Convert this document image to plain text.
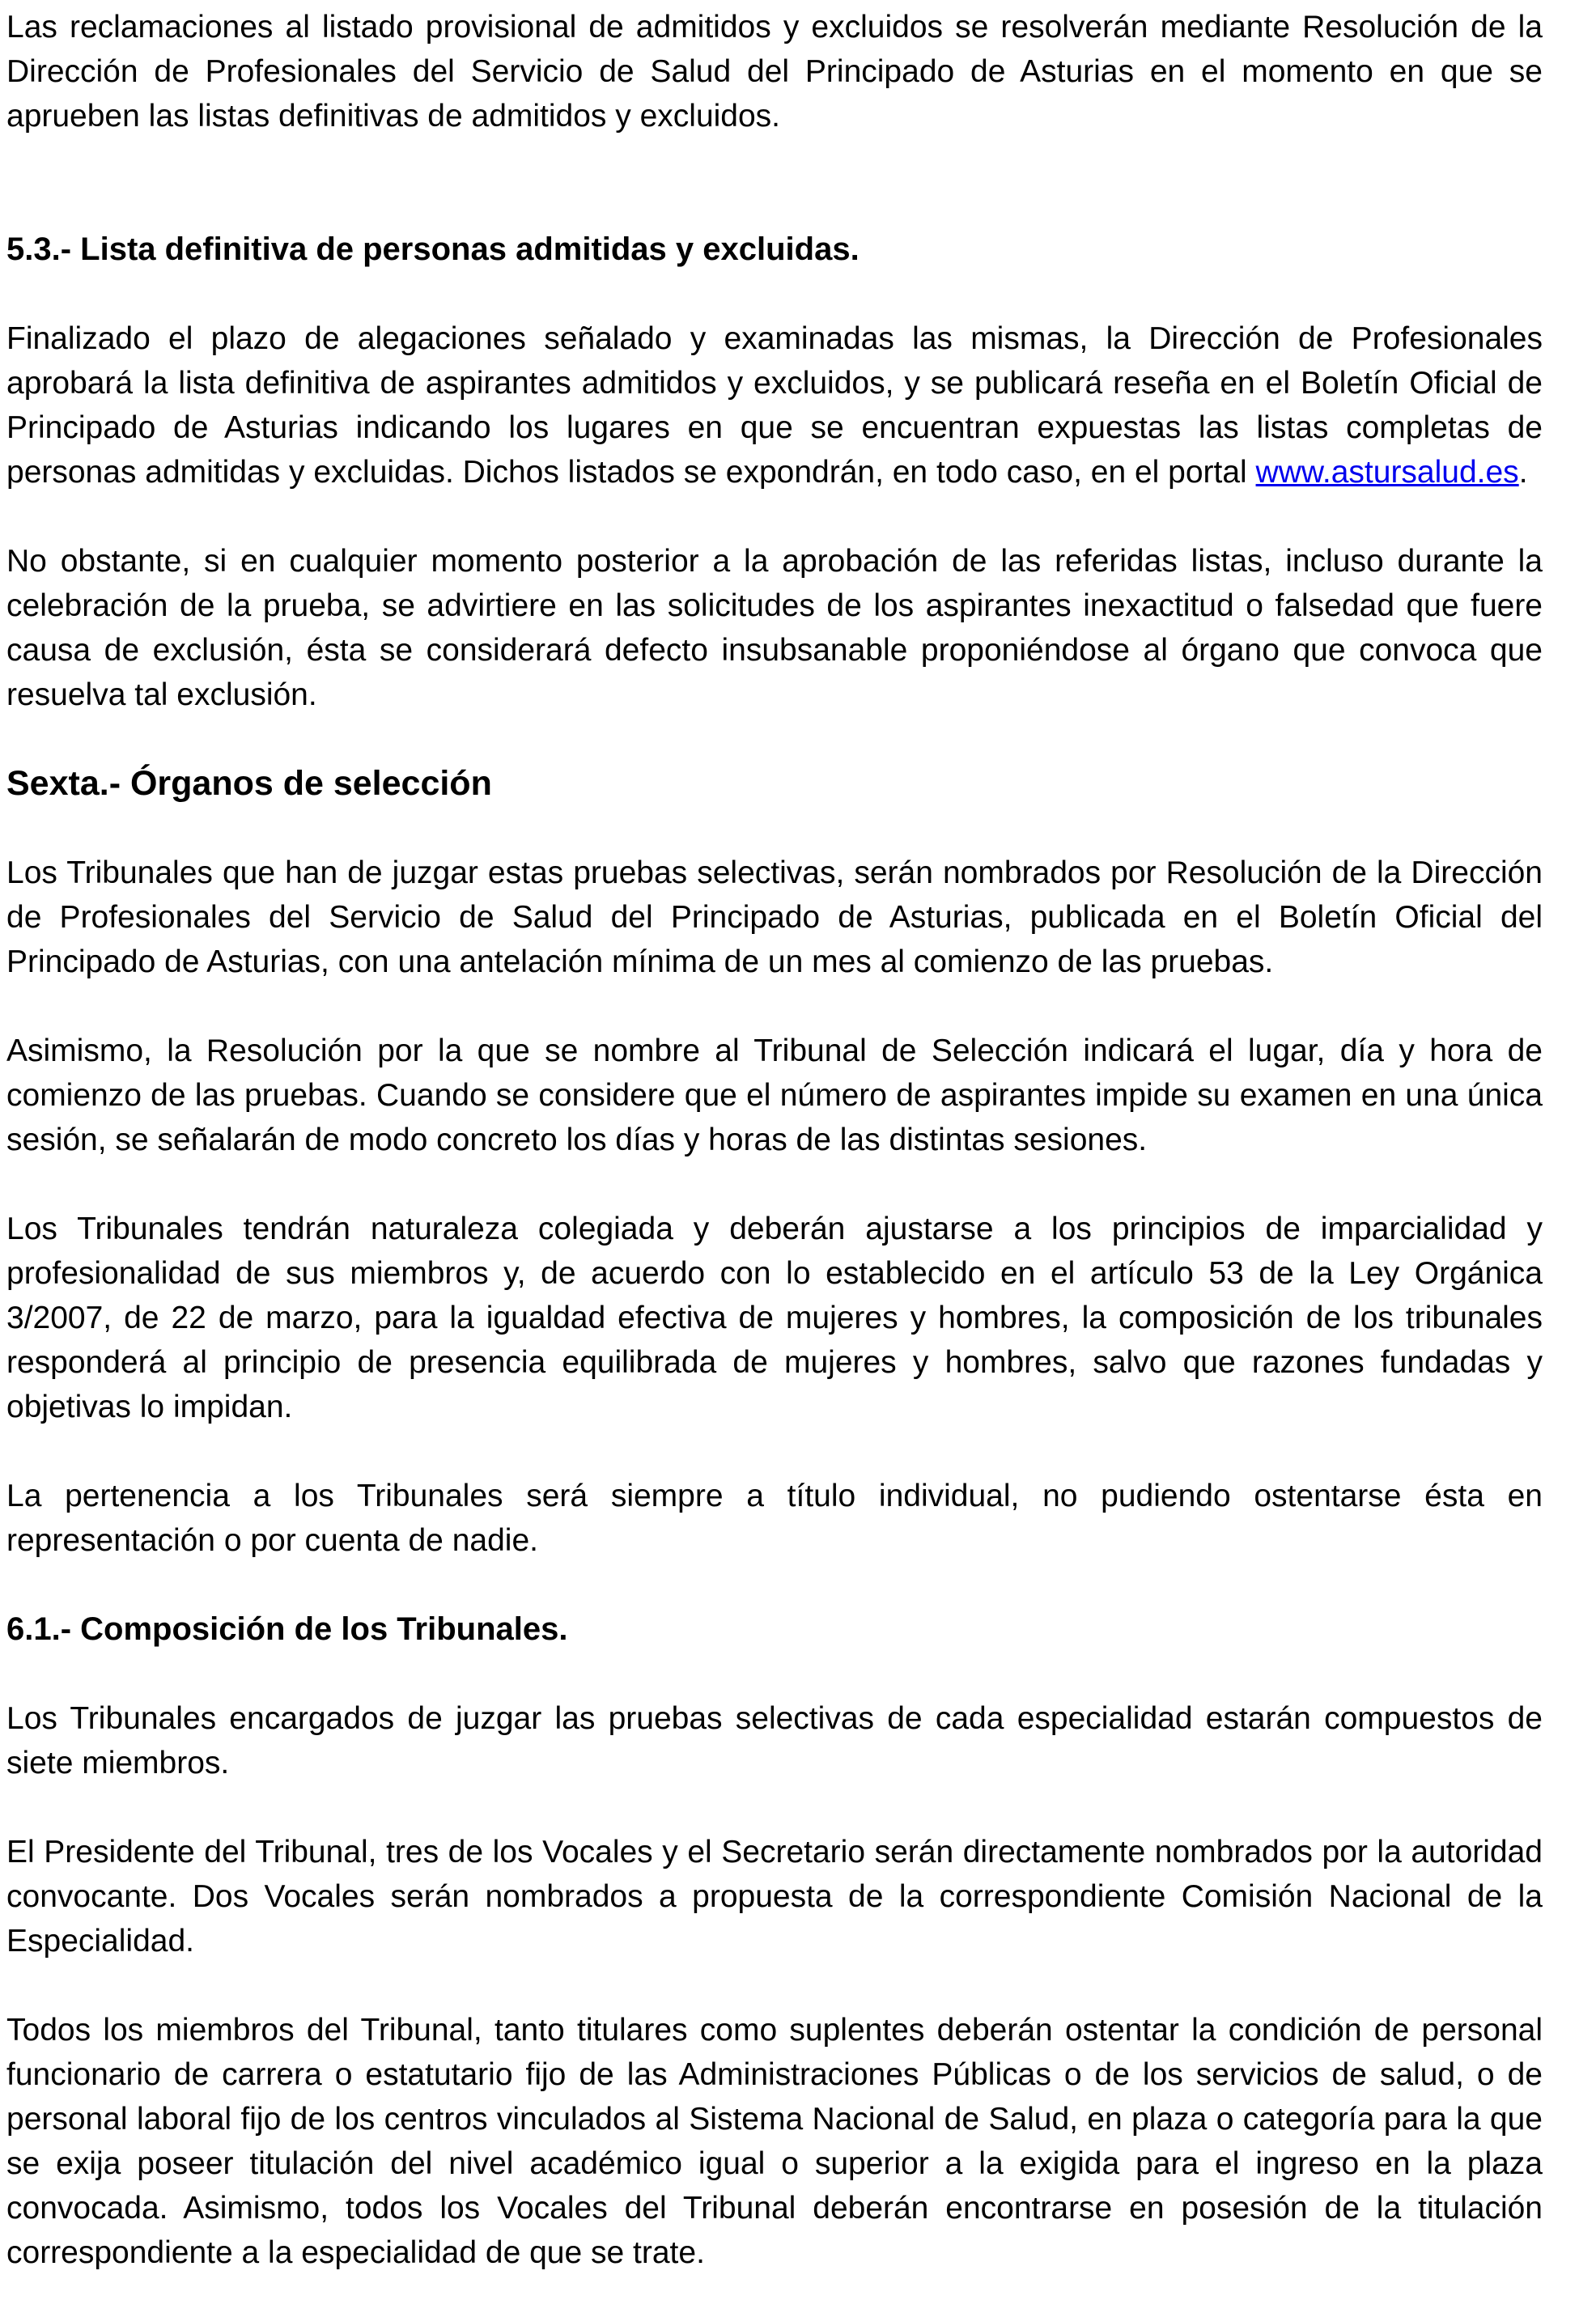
Las reclamaciones al listado provisional de admitidos y excluidos se resolverán mediante Resolución de la Dirección de Profesionales del Servicio de Salud del Principado de Asturias en el momento en que se aprueben las listas definitivas de admitidos y excluidos.

5.3.- Lista definitiva de personas admitidas y excluidas.

Finalizado el plazo de alegaciones señalado y examinadas las mismas, la Dirección de Profesionales aprobará la lista definitiva de aspirantes admitidos y excluidos, y se publicará reseña en el Boletín Oficial de Principado de Asturias indicando los lugares en que se encuentran expuestas las listas completas de personas admitidas y excluidas. Dichos listados se expondrán, en todo caso, en el portal www.astursalud.es.

No obstante, si en cualquier momento posterior a la aprobación de las referidas listas, incluso durante la celebración de la prueba, se advirtiere en las solicitudes de los aspirantes inexactitud o falsedad que fuere causa de exclusión, ésta se considerará defecto insubsanable proponiéndose al órgano que convoca que resuelva tal exclusión.

Sexta.- Órganos de selección

Los Tribunales que han de juzgar estas pruebas selectivas, serán nombrados por Resolución de la Dirección de Profesionales del Servicio de Salud del Principado de Asturias, publicada en el Boletín Oficial del Principado de Asturias, con una antelación mínima de un mes al comienzo de las pruebas.

Asimismo, la Resolución por la que se nombre al Tribunal de Selección indicará el lugar, día y hora de comienzo de las pruebas. Cuando se considere que el número de aspirantes impide su examen en una única sesión, se señalarán de modo concreto los días y horas de las distintas sesiones.

Los Tribunales tendrán naturaleza colegiada y deberán ajustarse a los principios de imparcialidad y profesionalidad de sus miembros y, de acuerdo con lo establecido en el artículo 53 de la Ley Orgánica 3/2007, de 22 de marzo, para la igualdad efectiva de mujeres y hombres, la composición de los tribunales responderá al principio de presencia equilibrada de mujeres y hombres, salvo que razones fundadas y objetivas lo impidan.

La pertenencia a los Tribunales será siempre a título individual, no pudiendo ostentarse ésta en representación o por cuenta de nadie.

6.1.- Composición de los Tribunales.

Los Tribunales encargados de juzgar las pruebas selectivas de cada especialidad estarán compuestos de siete miembros.

El Presidente del Tribunal, tres de los Vocales y el Secretario serán directamente nombrados por la autoridad convocante. Dos Vocales serán nombrados a propuesta de la correspondiente Comisión Nacional de la Especialidad.

Todos los miembros del Tribunal, tanto titulares como suplentes deberán ostentar la condición de personal funcionario de carrera o estatutario fijo de las Administraciones Públicas o de los servicios de salud, o de personal laboral fijo de los centros vinculados al Sistema Nacional de Salud, en plaza o categoría para la que se exija poseer titulación del nivel académico igual o superior a la exigida para el ingreso en la plaza convocada. Asimismo, todos los Vocales del Tribunal deberán encontrarse en posesión de la titulación correspondiente a la especialidad de que se trate.
